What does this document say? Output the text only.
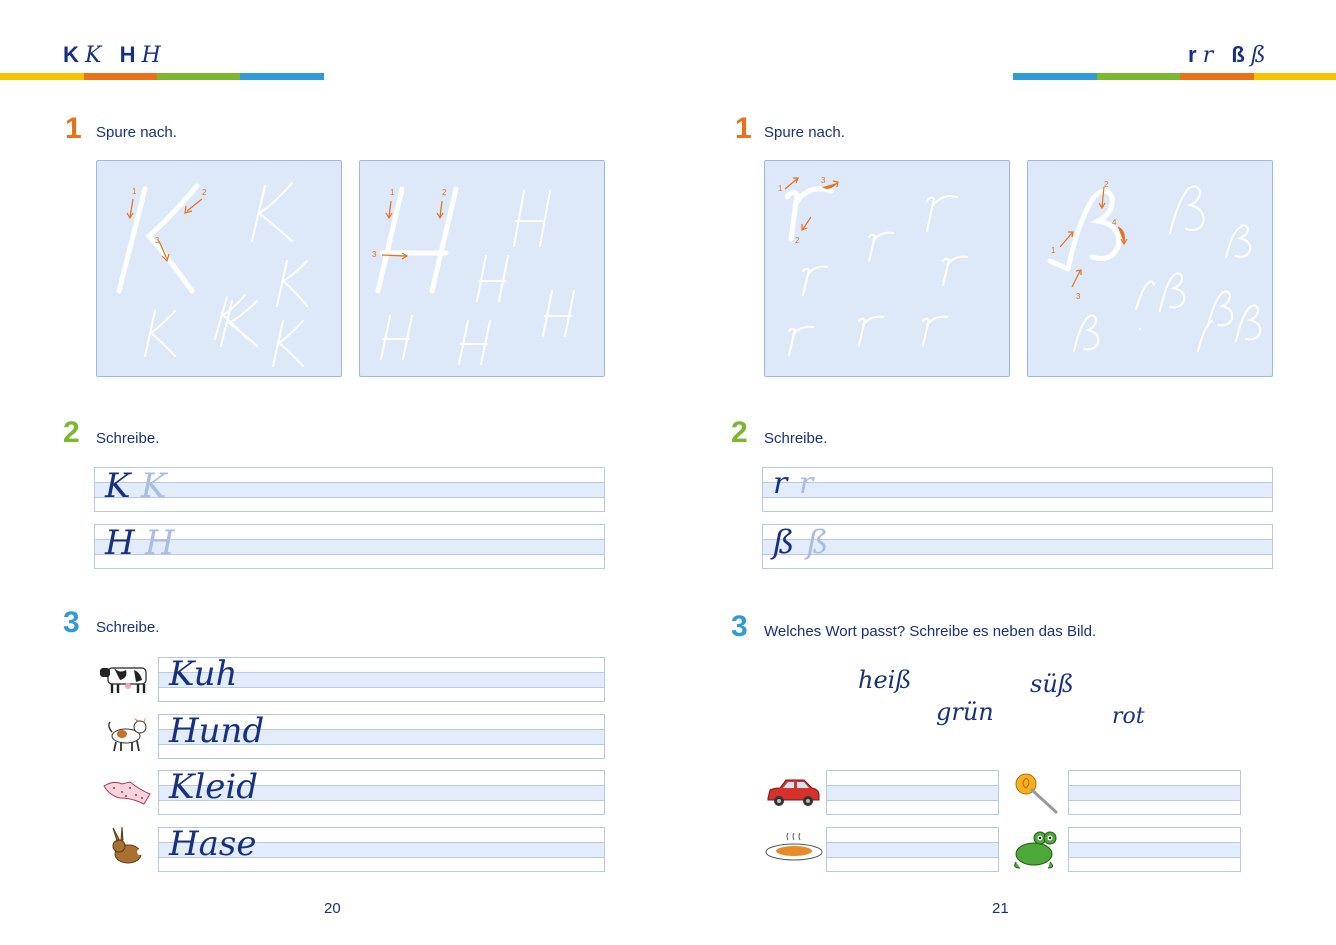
K K H H
1 Spure nach.
1	2
3
1	2
3
2 Schreibe.
K K
H H
3 Schreibe.
Kuh
Hund
Kleid
Hase
20
r r ß ß
1 Spure nach.
1
2
3
1
2
3
4
2 Schreibe.
r r
ß ß
3 Welches Wort passt? Schreibe es neben das Bild.
heiß
grün
süß
rot
21
